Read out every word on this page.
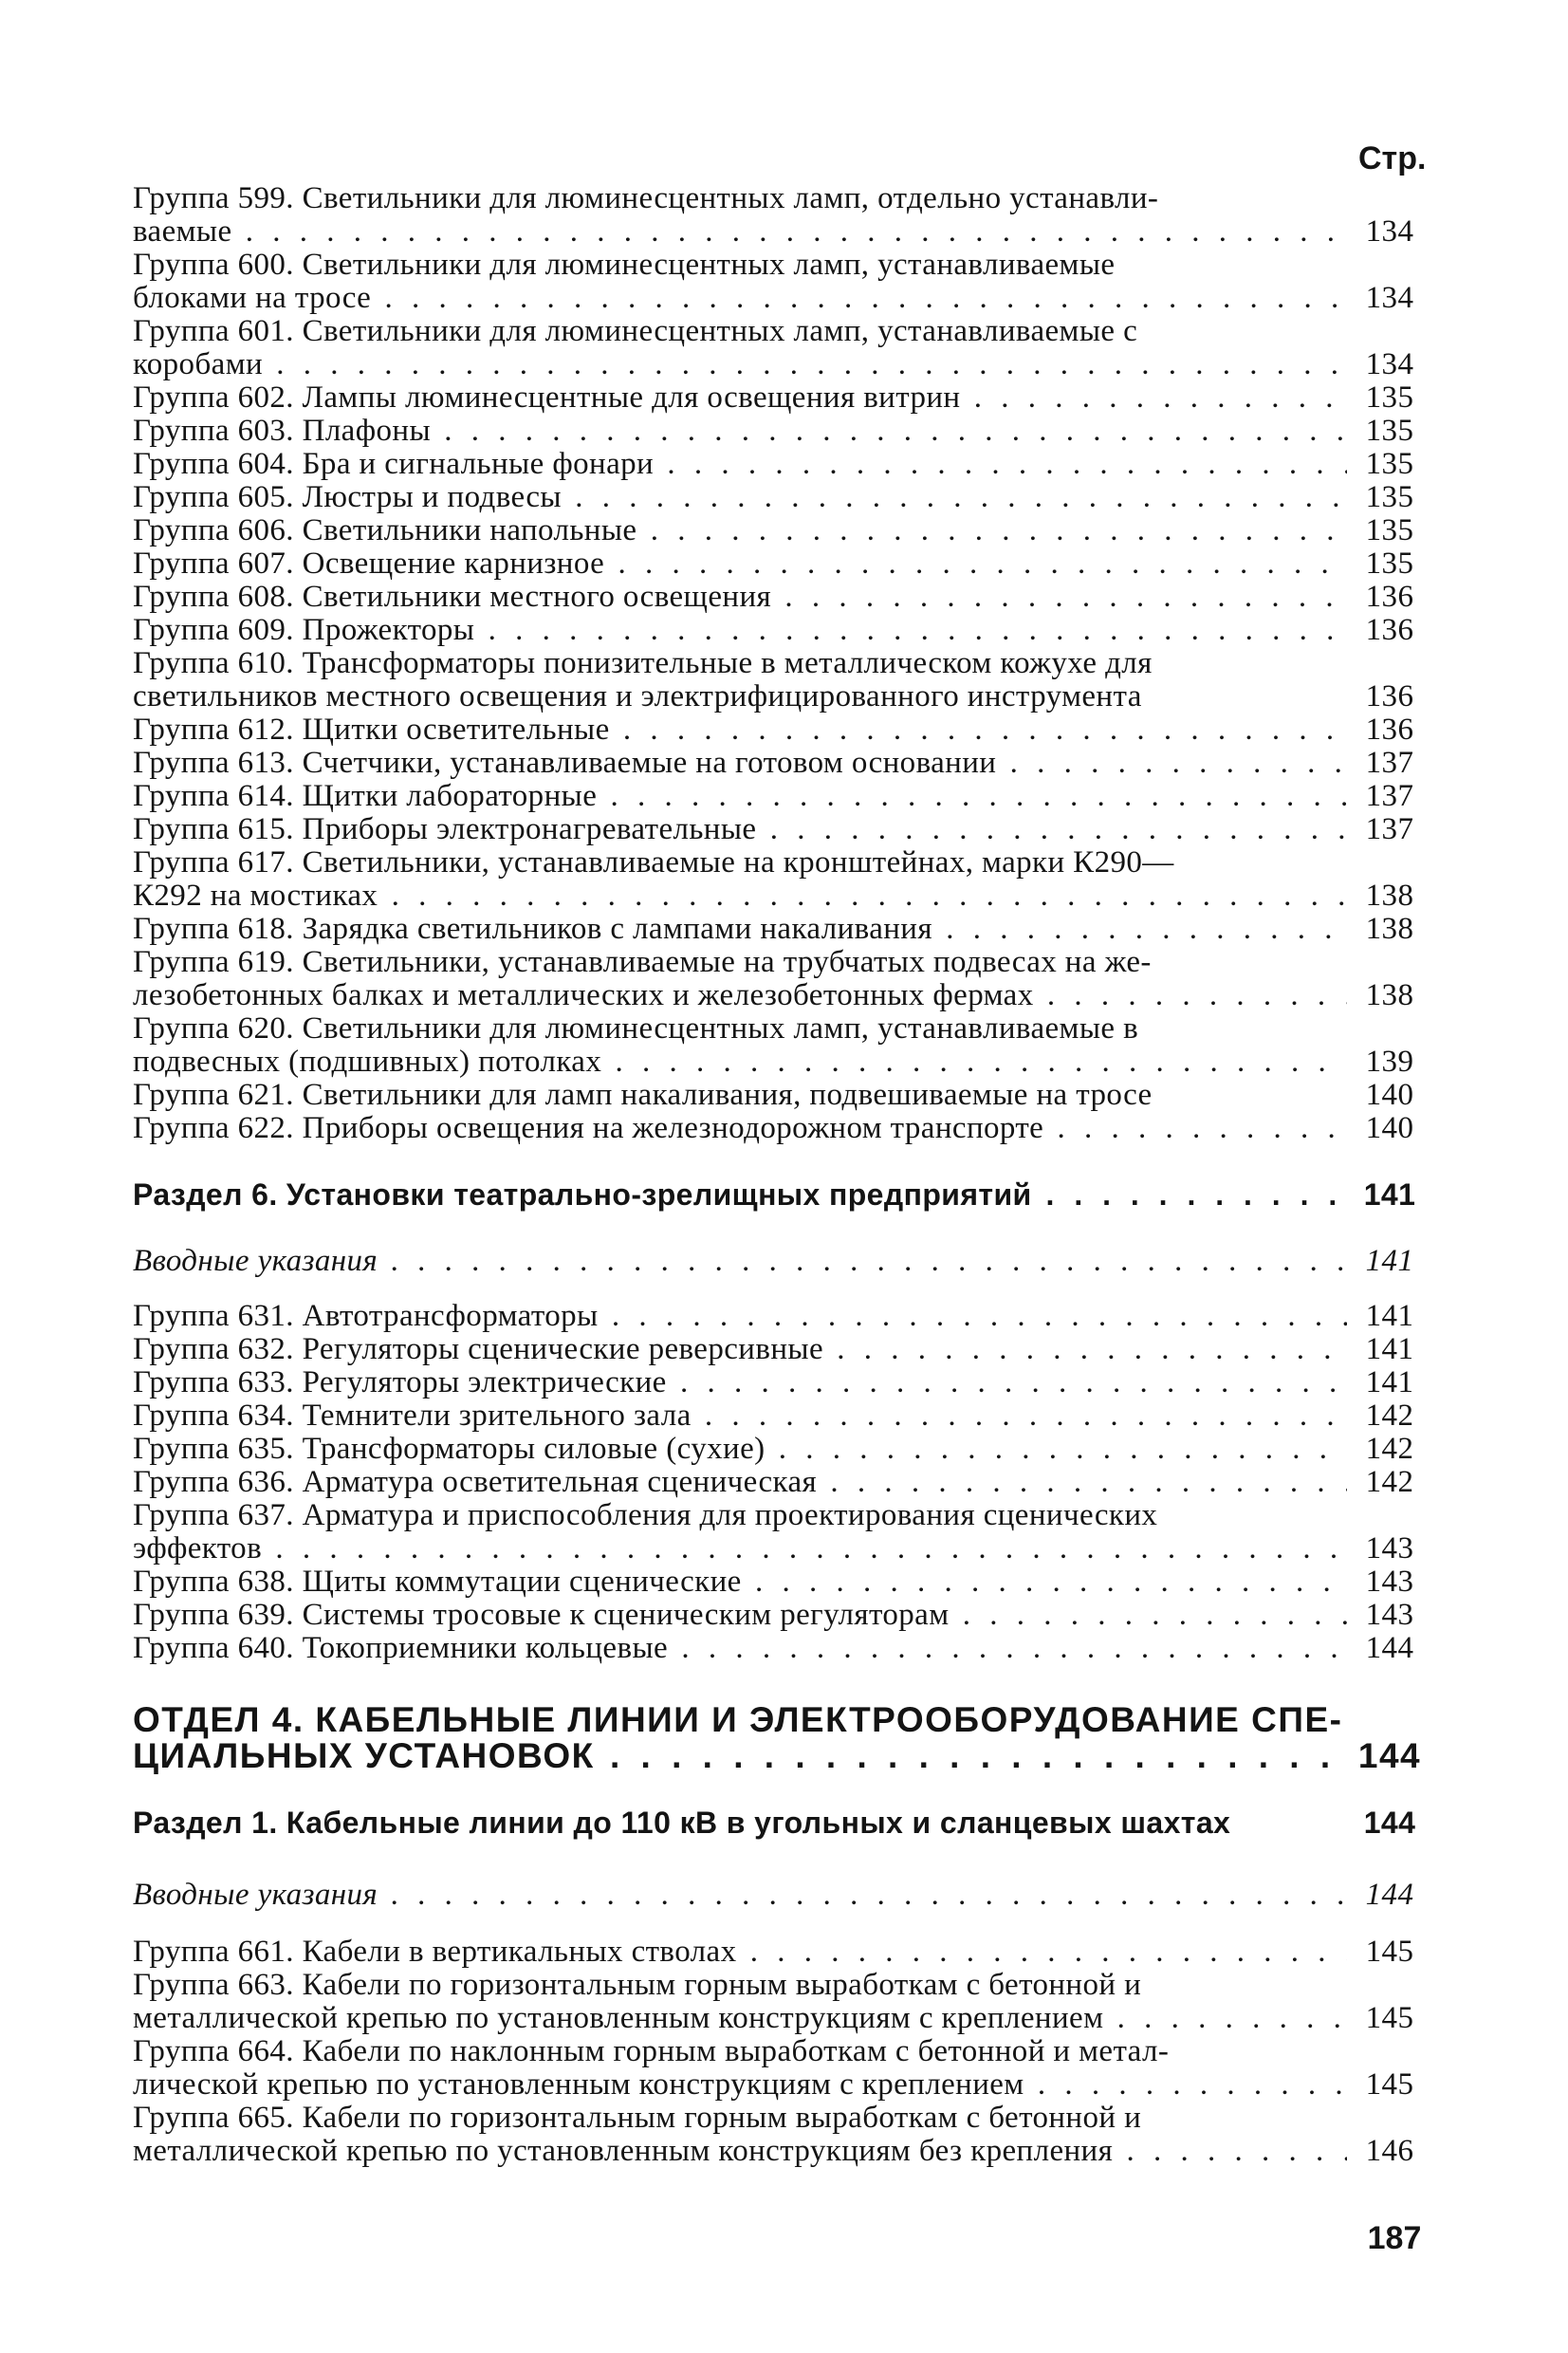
Стр.
Группа 599. Светильники для люминесцентных ламп, отдельно устанавли-
ваемые . . .	134
Группа 600. Светильники для люминесцентных ламп, устанавливаемые
блоками на тросе . . .	134
Группа 601. Светильники для люминесцентных ламп, устанавливаемые с
коробами . . .	134
Группа 602. Лампы люминесцентные для освещения витрин . . .	135
Группа 603. Плафоны . . .	135
Группа 604. Бра и сигнальные фонари . . .	135
Группа 605. Люстры и подвесы . . .	135
Группа 606. Светильники напольные . . .	135
Группа 607. Освещение карнизное . . .	135
Группа 608. Светильники местного освещения . . .	136
Группа 609. Прожекторы . . .	136
Группа 610. Трансформаторы понизительные в металлическом кожухе для
светильников местного освещения и электрифицированного инструмента	136
Группа 612. Щитки осветительные . . .	136
Группа 613. Счетчики, устанавливаемые на готовом основании . . .	137
Группа 614. Щитки лабораторные . . .	137
Группа 615. Приборы электронагревательные . . .	137
Группа 617. Светильники, устанавливаемые на кронштейнах, марки К290—
К292 на мостиках . . .	138
Группа 618. Зарядка светильников с лампами накаливания . . .	138
Группа 619. Светильники, устанавливаемые на трубчатых подвесах на же-
лезобетонных балках и металлических и железобетонных фермах . . .	138
Группа 620. Светильники для люминесцентных ламп, устанавливаемые в
подвесных (подшивных) потолках . . .	139
Группа 621. Светильники для ламп накаливания, подвешиваемые на тросе	140
Группа 622. Приборы освещения на железнодорожном транспорте . . .	140
Раздел 6. Установки театрально-зрелищных предприятий . . .	141
Вводные указания . . .	141
Группа 631. Автотрансформаторы . . .	141
Группа 632. Регуляторы сценические реверсивные . . .	141
Группа 633. Регуляторы электрические . . .	141
Группа 634. Темнители зрительного зала . . .	142
Группа 635. Трансформаторы силовые (сухие) . . .	142
Группа 636. Арматура осветительная сценическая . . .	142
Группа 637. Арматура и приспособления для проектирования сценических
эффектов . . .	143
Группа 638. Щиты коммутации сценические . . .	143
Группа 639. Системы тросовые к сценическим регуляторам . . .	143
Группа 640. Токоприемники кольцевые . . .	144
ОТДЕЛ 4. КАБЕЛЬНЫЕ ЛИНИИ И ЭЛЕКТРООБОРУДОВАНИЕ СПЕ-
ЦИАЛЬНЫХ УСТАНОВОК . . .	144
Раздел 1. Кабельные линии до 110 кВ в угольных и сланцевых шахтах	144
Вводные указания . . .	144
Группа 661. Кабели в вертикальных стволах . . .	145
Группа 663. Кабели по горизонтальным горным выработкам с бетонной и
металлической крепью по установленным конструкциям с креплением . . .	145
Группа 664. Кабели по наклонным горным выработкам с бетонной и метал-
лической крепью по установленным конструкциям с креплением . . .	145
Группа 665. Кабели по горизонтальным горным выработкам с бетонной и
металлической крепью по установленным конструкциям без крепления . . .	146
187
